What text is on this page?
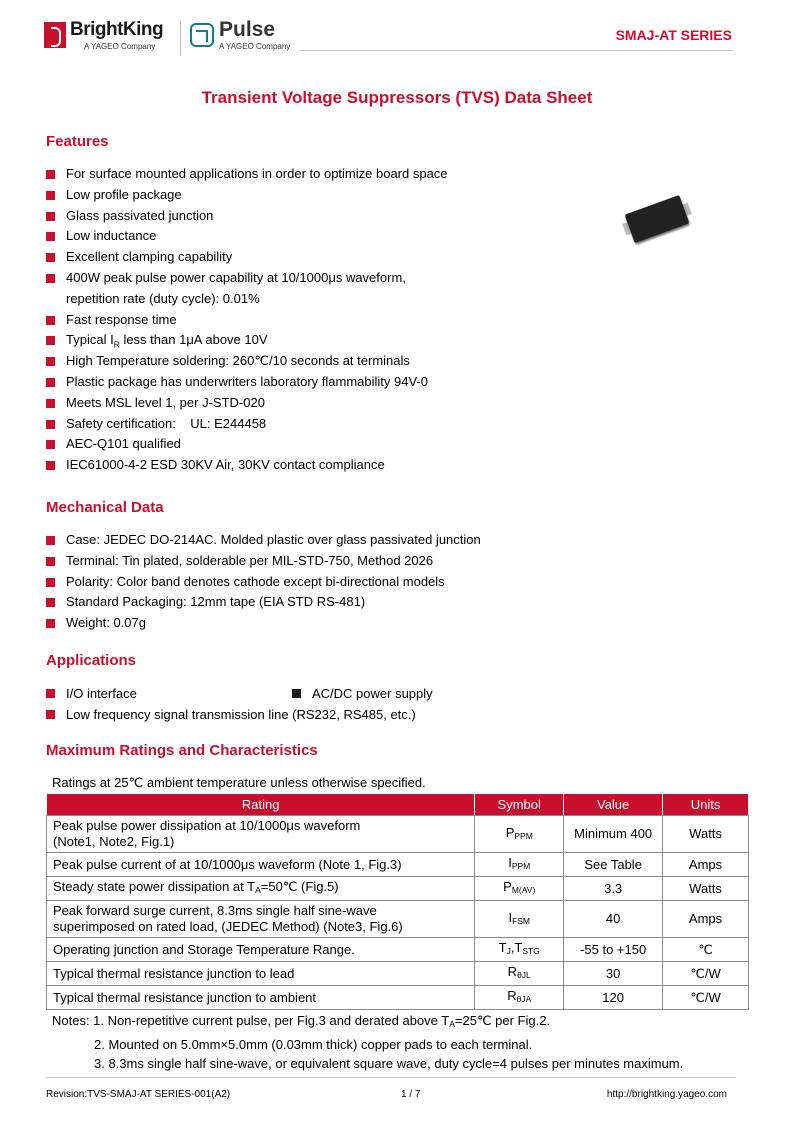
BrightKing
A YAGEO Company
Pulse
A YAGEO Company
SMAJ-AT SERIES
Transient Voltage Suppressors (TVS) Data Sheet
Features
For surface mounted applications in order to optimize board space
Low profile package
Glass passivated junction
Low inductance
Excellent clamping capability
400W peak pulse power capability at 10/1000μs waveform,
repetition rate (duty cycle): 0.01%
Fast response time
Typical $I_R$ less than 1μA above 10V
High Temperature soldering: 260℃/10 seconds at terminals
Plastic package has underwriters laboratory flammability 94V-0
Meets MSL level 1, per J-STD-020
Safety certification:    UL: E244458
AEC-Q101 qualified
IEC61000-4-2 ESD 30KV Air, 30KV contact compliance
Mechanical Data
Case: JEDEC DO-214AC. Molded plastic over glass passivated junction
Terminal: Tin plated, solderable per MIL-STD-750, Method 2026
Polarity: Color band denotes cathode except bi-directional models
Standard Packaging: 12mm tape (EIA STD RS-481)
Weight: 0.07g
Applications
I/O interface	AC/DC power supply
Low frequency signal transmission line (RS232, RS485, etc.)
Maximum Ratings and Characteristics
Ratings at 25℃ ambient temperature unless otherwise specified.
Rating	Symbol	Value	Units

Peak pulse power dissipation at 10/1000μs waveform
(Note1, Note2, Fig.1)	$P_{PPM}$	Minimum 400	Watts
Peak pulse current of at 10/1000μs waveform (Note 1, Fig.3)	$I_{PPM}$	See Table	Amps
Steady state power dissipation at $T_A=50℃$ (Fig.5)	$P_{M(AV)}$	3.3	Watts

Peak forward surge current, 8.3ms single half sine-wave
superimposed on rated load, (JEDEC Method) (Note3, Fig.6)	$I_{FSM}$	40	Amps
Operating junction and Storage Temperature Range.	$T_J,T_{STG}$	-55 to +150	℃
Typical thermal resistance junction to lead	$R_{\theta JL}$	30	℃/W
Typical thermal resistance junction to ambient	$R_{\theta JA}$	120	℃/W
Notes: 1. Non-repetitive current pulse, per Fig.3 and derated above $T_A=25℃$ per Fig.2.
2. Mounted on 5.0mm×5.0mm (0.03mm thick) copper pads to each terminal.
3. 8.3ms single half sine-wave, or equivalent square wave, duty cycle=4 pulses per minutes maximum.
Revision:TVS-SMAJ-AT SERIES-001(A2)	1 / 7	http://brightking.yageo.com
